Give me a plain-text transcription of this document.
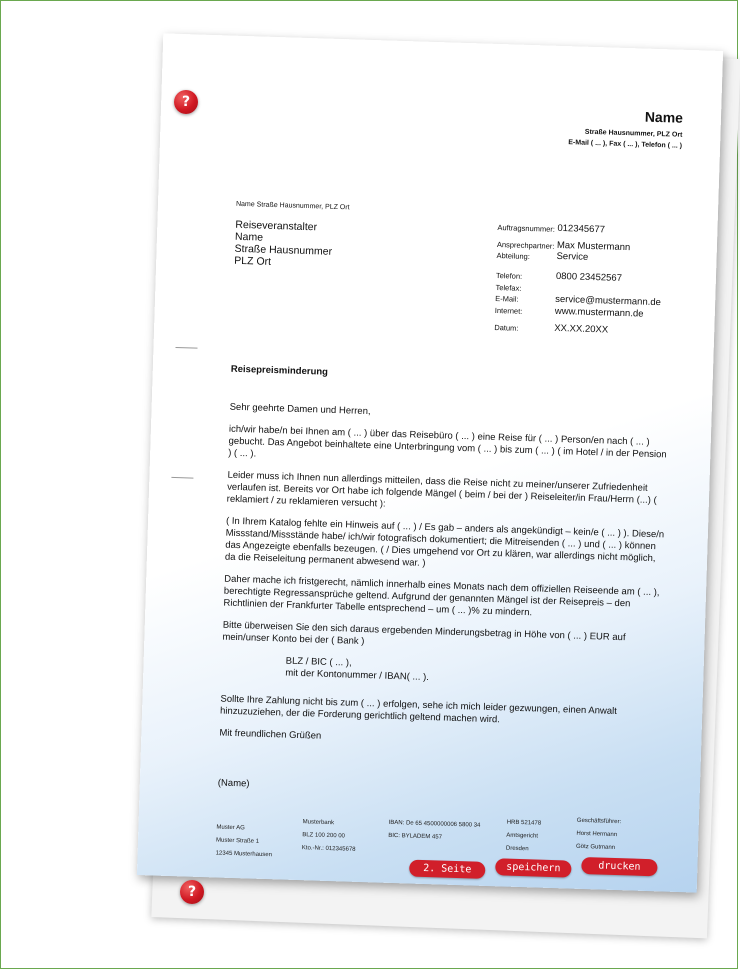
Name
Straße Hausnummer, PLZ Ort
E-Mail ( ... ), Fax ( ... ), Telefon ( ... )
Name Straße Hausnummer, PLZ Ort
Reiseveranstalter
Name
Straße Hausnummer
PLZ Ort
Auftragsnummer: 012345677
Ansprechpartner: Max Mustermann
Abteilung:	Service
Telefon:	0800 23452567
Telefax:
E-Mail:	service@mustermann.de
Internet:	www.mustermann.de
Datum:	XX.XX.20XX
Reisepreisminderung

Sehr geehrte Damen und Herren,

ich/wir habe/n bei Ihnen am ( ... ) über das Reisebüro ( ... ) eine Reise für ( ... ) Person/en nach ( ... ) gebucht. Das Angebot beinhaltete eine Unterbringung vom ( ... ) bis zum ( ... ) ( im Hotel / in der Pension ) ( ... ).

Leider muss ich Ihnen nun allerdings mitteilen, dass die Reise nicht zu meiner/unserer Zufriedenheit verlaufen ist. Bereits vor Ort habe ich folgende Mängel ( beim / bei der ) Reiseleiter/in Frau/Herrn (...) ( reklamiert / zu reklamieren versucht ):

( In Ihrem Katalog fehlte ein Hinweis auf ( ... ) / Es gab – anders als angekündigt – kein/e ( ... ) ). Diese/n Missstand/Missstände habe/ ich/wir fotografisch dokumentiert; die Mitreisenden ( ... ) und ( ... ) können das Angezeigte ebenfalls bezeugen. ( / Dies umgehend vor Ort zu klären, war allerdings nicht möglich, da die Reiseleitung permanent abwesend war. )

Daher mache ich fristgerecht, nämlich innerhalb eines Monats nach dem offiziellen Reiseende am ( ... ), berechtigte Regressansprüche geltend. Aufgrund der genannten Mängel ist der Reisepreis – den Richtlinien der Frankfurter Tabelle entsprechend – um ( ... )% zu mindern.

Bitte überweisen Sie den sich daraus ergebenden Minderungsbetrag in Höhe von ( ... ) EUR auf mein/unser Konto bei der ( Bank )

BLZ / BIC ( ... ),
mit der Kontonummer / IBAN( ... ).

Sollte Ihre Zahlung nicht bis zum ( ... ) erfolgen, sehe ich mich leider gezwungen, einen Anwalt hinzuzuziehen, der die Forderung gerichtlich geltend machen wird.

Mit freundlichen Grüßen

(Name)

Muster AG
Muster Straße 1
12345 Musterhausen
Musterbank
BLZ 100 200 00
Kto.-Nr.: 012345678
IBAN: De 65 4500000006 5800 34
BIC: BYLADEM 457
HRB 521478
Amtsgericht
Dresden
Geschäftsführer:
Horst Hermann
Götz Gutmann
2. Seite	speichern	drucken
?
?
